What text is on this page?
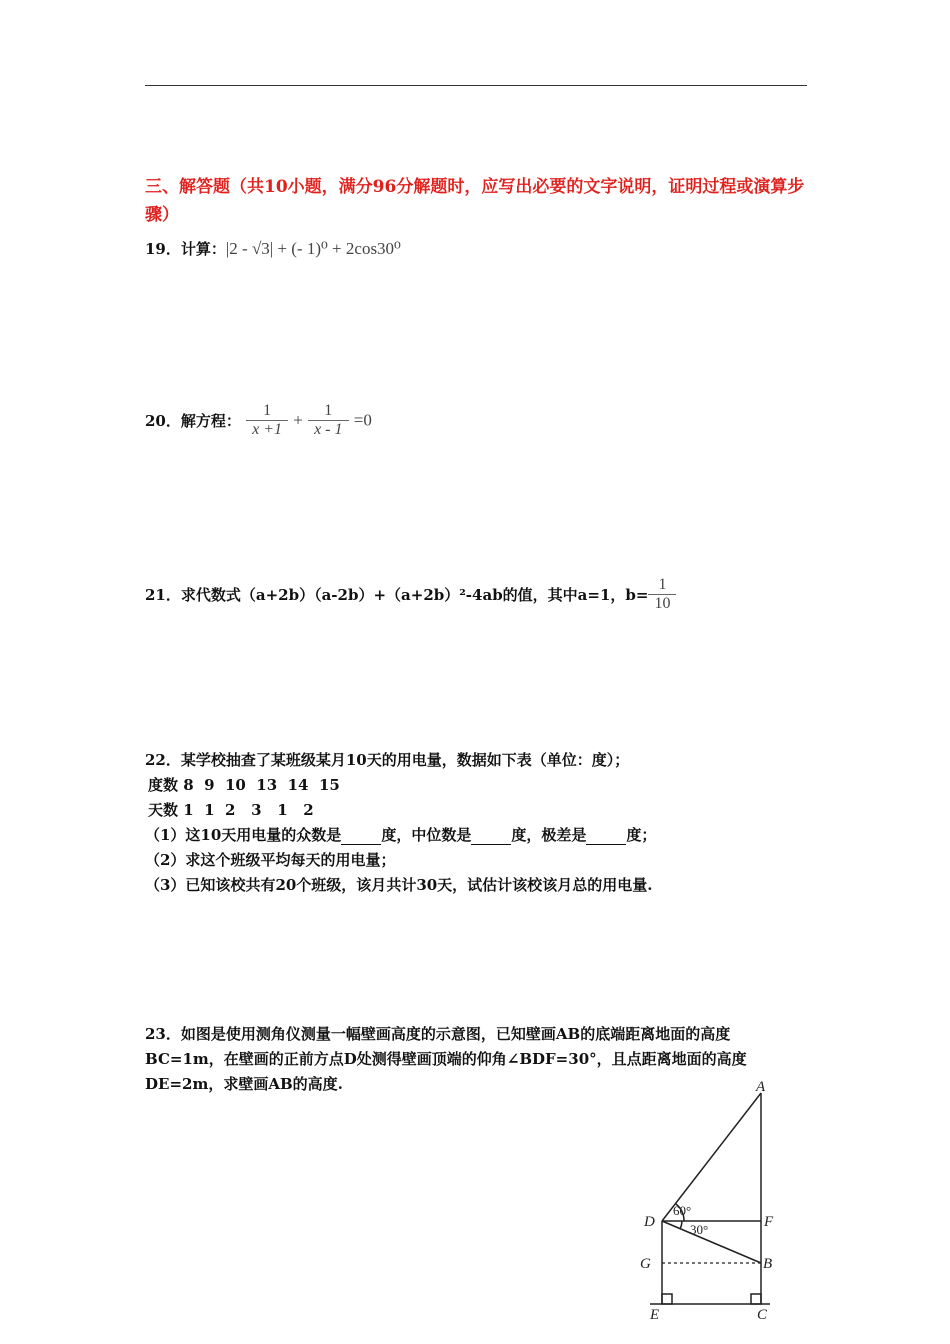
三、解答题（共10小题，满分96分解题时，应写出必要的文字说明，证明过程或演算步骤）
19．计算：|2 - √3| + (- 1)⁰ + 2cos30⁰
20．解方程： $\frac{1}{x +1} + \frac{1}{x - 1} =0$
21．求代数式（a+2b）（a-2b）+（a+2b）²-4ab的值，其中a=1，$b= \frac{1}{10}$
22．某学校抽查了某班级某月10天的用电量，数据如下表（单位：度）；
度数 8  9  10  13  14  15
天数 1  1  2   3   1   2
（1）这10天用电量的众数是	度，中位数是	度，极差是	度；
（2）求这个班级平均每天的用电量；
（3）已知该校共有20个班级，该月共计30天，试估计该校该月总的用电量.
23．如图是使用测角仪测量一幅壁画高度的示意图，已知壁画AB的底端距离地面的高度BC=1m，在壁画的正前方点D处测得壁画顶端的仰角∠BDF=30°，且点距离地面的高度DE=2m，求壁画AB的高度.	A
B
C
D
E
F
G
60°
30°
